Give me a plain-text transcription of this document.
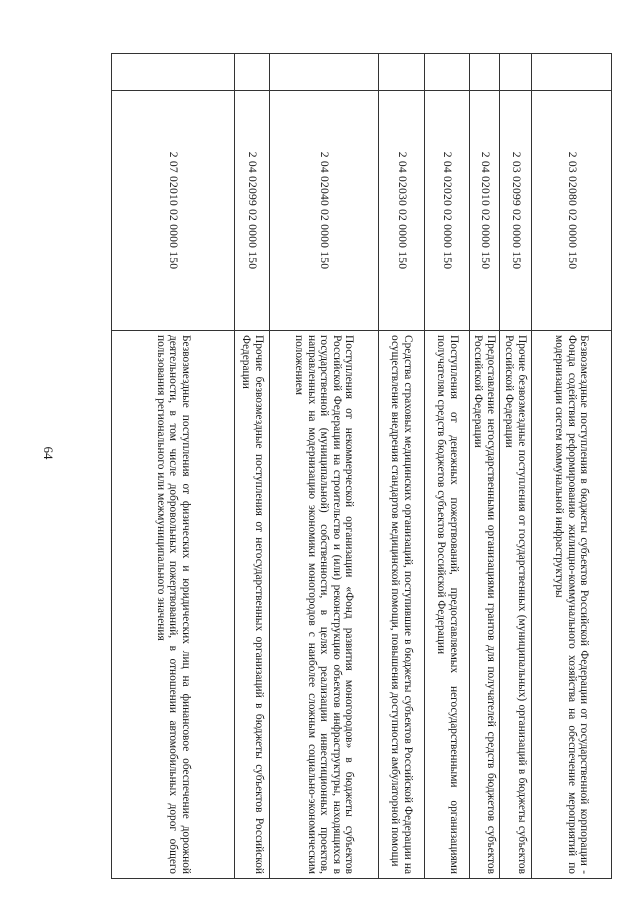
64
	2 03 02080 02 0000 150	Безвозмездные поступления в бюджеты субъектов Российской Федерации от государственной корпорации - Фонда содействия реформированию жилищно-коммунального хозяйства на обеспечение мероприятий по модернизации систем коммунальной инфраструктуры
	2 03 02099 02 0000 150	Прочие безвозмездные поступления от государственных (муниципальных) организаций в бюджеты субъектов Российской Федерации
	2 04 02010 02 0000 150	Предоставление негосударственными организациями грантов для получателей средств бюджетов субъектов Российской Федерации
	2 04 02020 02 0000 150	Поступления от денежных пожертвований, предоставляемых негосударственными организациями получателям средств бюджетов субъектов Российской Федерации
	2 04 02030 02 0000 150	Средства страховых медицинских организаций, поступившие в бюджеты субъектов Российской Федерации на осуществление внедрения стандартов медицинской помощи, повышения доступности амбулаторной помощи
	2 04 02040 02 0000 150	Поступления от некоммерческой организации «Фонд развития моногородов» в бюджеты субъектов Российской Федерации на строительство и (или) реконструкцию объектов инфраструктуры, находящихся в государственной (муниципальной) собственности, в целях реализации инвестиционных проектов, направленных на модернизацию экономики моногородов с наиболее сложным социально-экономическим положением
	2 04 02099 02 0000 150	Прочие безвозмездные поступления от негосударственных организаций в бюджеты субъектов Российской Федерации
	2 07 02010 02 0000 150	Безвозмездные поступления от физических и юридических лиц на финансовое обеспечение дорожной деятельности, в том числе добровольных пожертвований, в отношении автомобильных дорог общего пользования регионального или межмуниципального значения
